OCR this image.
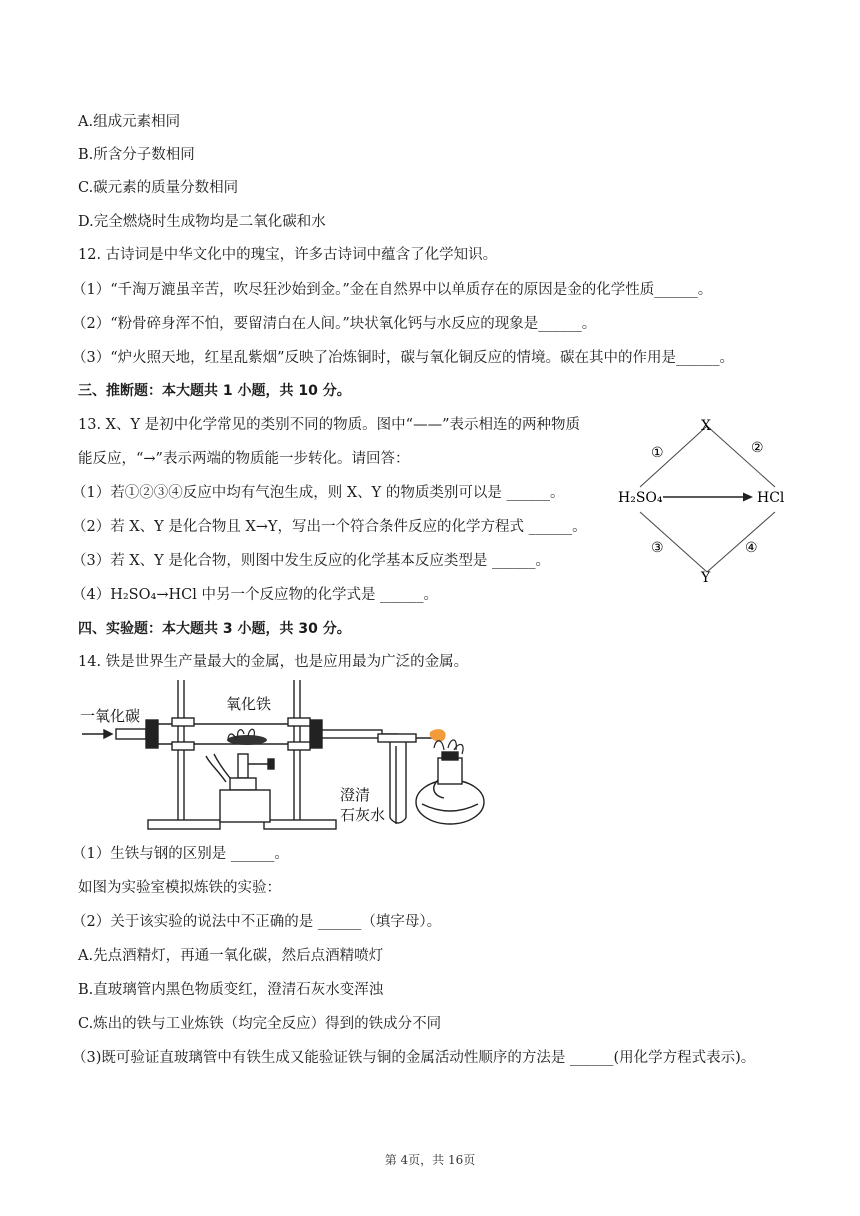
A.组成元素相同
B.所含分子数相同
C.碳元素的质量分数相同
D.完全燃烧时生成物均是二氧化碳和水
12. 古诗词是中华文化中的瑰宝，许多古诗词中蕴含了化学知识。
（1）“千淘万漉虽辛苦，吹尽狂沙始到金。”金在自然界中以单质存在的原因是金的化学性质______。
（2）“粉骨碎身浑不怕，要留清白在人间。”块状氧化钙与水反应的现象是______。
（3）“炉火照天地，红星乱紫烟”反映了冶炼铜时，碳与氧化铜反应的情境。碳在其中的作用是______。
三、推断题：本大题共 1 小题，共 10 分。
13. X、Y 是初中化学常见的类别不同的物质。图中“——”表示相连的两种物质
能反应，“→”表示两端的物质能一步转化。请回答：
（1）若①②③④反应中均有气泡生成，则 X、Y 的物质类别可以是 ______。
（2）若 X、Y 是化合物且 X→Y，写出一个符合条件反应的化学方程式 ______。
（3）若 X、Y 是化合物，则图中发生反应的化学基本反应类型是 ______。
（4）H₂SO₄→HCl 中另一个反应物的化学式是 ______。
四、实验题：本大题共 3 小题，共 30 分。
14. 铁是世界生产量最大的金属，也是应用最为广泛的金属。
X
Y
H₂SO₄	HCl
①	②
③	④
一氧化碳
氧化铁
澄清
石灰水
（1）生铁与钢的区别是 ______。
如图为实验室模拟炼铁的实验：
（2）关于该实验的说法中不正确的是 ______（填字母）。
A.先点酒精灯，再通一氧化碳，然后点酒精喷灯
B.直玻璃管内黑色物质变红，澄清石灰水变浑浊
C.炼出的铁与工业炼铁（均完全反应）得到的铁成分不同
（3)既可验证直玻璃管中有铁生成又能验证铁与铜的金属活动性顺序的方法是 ______(用化学方程式表示)。
第 4页，共 16页
